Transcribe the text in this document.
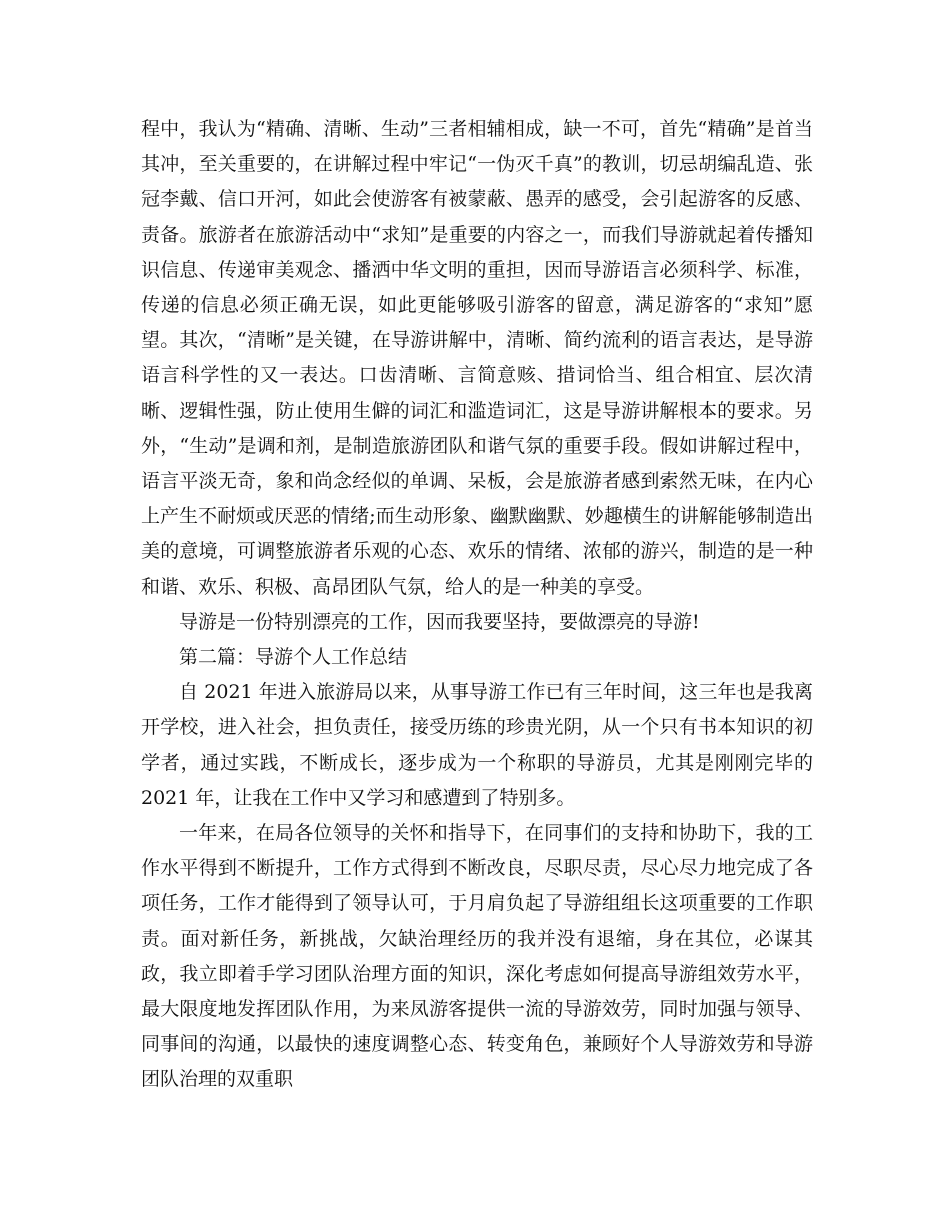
程中，我认为“精确、清晰、生动”三者相辅相成，缺一不可，首先“精确”是首当其冲，至关重要的，在讲解过程中牢记“一伪灭千真”的教训，切忌胡编乱造、张冠李戴、信口开河，如此会使游客有被蒙蔽、愚弄的感受，会引起游客的反感、责备。旅游者在旅游活动中“求知”是重要的内容之一，而我们导游就起着传播知识信息、传递审美观念、播洒中华文明的重担，因而导游语言必须科学、标准，传递的信息必须正确无误，如此更能够吸引游客的留意，满足游客的“求知”愿望。其次，“清晰”是关键，在导游讲解中，清晰、简约流利的语言表达，是导游语言科学性的又一表达。口齿清晰、言简意赅、措词恰当、组合相宜、层次清晰、逻辑性强，防止使用生僻的词汇和滥造词汇，这是导游讲解根本的要求。另外，“生动”是调和剂，是制造旅游团队和谐气氛的重要手段。假如讲解过程中，语言平淡无奇，象和尚念经似的单调、呆板，会是旅游者感到索然无味，在内心上产生不耐烦或厌恶的情绪;而生动形象、幽默幽默、妙趣横生的讲解能够制造出美的意境，可调整旅游者乐观的心态、欢乐的情绪、浓郁的游兴，制造的是一种和谐、欢乐、积极、高昂团队气氛，给人的是一种美的享受。

导游是一份特别漂亮的工作，因而我要坚持，要做漂亮的导游!

第二篇：导游个人工作总结

自 2021 年进入旅游局以来，从事导游工作已有三年时间，这三年也是我离开学校，进入社会，担负责任，接受历练的珍贵光阴，从一个只有书本知识的初学者，通过实践，不断成长，逐步成为一个称职的导游员，尤其是刚刚完毕的 2021 年，让我在工作中又学习和感遭到了特别多。

一年来，在局各位领导的关怀和指导下，在同事们的支持和协助下，我的工作水平得到不断提升，工作方式得到不断改良，尽职尽责，尽心尽力地完成了各项任务，工作才能得到了领导认可，于月肩负起了导游组组长这项重要的工作职责。面对新任务，新挑战，欠缺治理经历的我并没有退缩，身在其位，必谋其政，我立即着手学习团队治理方面的知识，深化考虑如何提高导游组效劳水平，最大限度地发挥团队作用，为来凤游客提供一流的导游效劳，同时加强与领导、同事间的沟通，以最快的速度调整心态、转变角色，兼顾好个人导游效劳和导游团队治理的双重职
